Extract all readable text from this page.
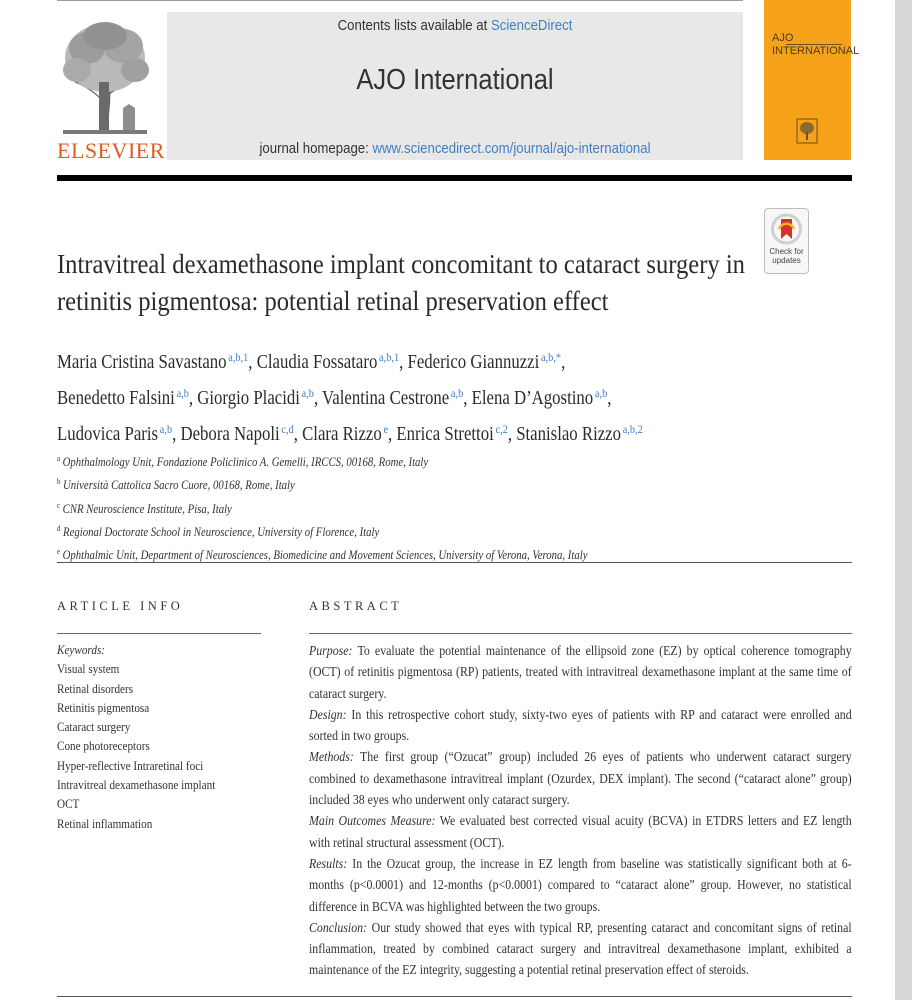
ELSEVIER
Contents lists available at ScienceDirect
AJO International
journal homepage: www.sciencedirect.com/journal/ajo-international
AJO INTERNATIONAL
Check for updates
Intravitreal dexamethasone implant concomitant to cataract surgery in
retinitis pigmentosa: potential retinal preservation effect
Maria Cristina Savastano $^{a,b,1}$, Claudia Fossataro $^{a,b,1}$, Federico Giannuzzi $^{a,b,*}$,
Benedetto Falsini $^{a,b}$, Giorgio Placidi $^{a,b}$, Valentina Cestrone $^{a,b}$, Elena D’Agostino $^{a,b}$,
Ludovica Paris $^{a,b}$, Debora Napoli $^{c,d}$, Clara Rizzo $^e$, Enrica Strettoi $^{c,2}$, Stanislao Rizzo $^{a,b,2}$
$^a$ Ophthalmology Unit, Fondazione Policlinico A. Gemelli, IRCCS, 00168, Rome, Italy
$^b$ Università Cattolica Sacro Cuore, 00168, Rome, Italy
$^c$ CNR Neuroscience Institute, Pisa, Italy
$^d$ Regional Doctorate School in Neuroscience, University of Florence, Italy
$^e$ Ophthalmic Unit, Department of Neurosciences, Biomedicine and Movement Sciences, University of Verona, Verona, Italy
ARTICLE INFO	ABSTRACT
Keywords:
Visual system
Retinal disorders
Retinitis pigmentosa
Cataract surgery
Cone photoreceptors
Hyper-reflective Intraretinal foci
Intravitreal dexamethasone implant
OCT
Retinal inflammation

Purpose: To evaluate the potential maintenance of the ellipsoid zone (EZ) by optical coherence tomography (OCT) of retinitis pigmentosa (RP) patients, treated with intravitreal dexamethasone implant at the same time of cataract surgery.

Design: In this retrospective cohort study, sixty-two eyes of patients with RP and cataract were enrolled and sorted in two groups.

Methods: The first group (“Ozucat” group) included 26 eyes of patients who underwent cataract surgery combined to dexamethasone intravitreal implant (Ozurdex, DEX implant). The second (“cataract alone” group) included 38 eyes who underwent only cataract surgery.

Main Outcomes Measure: We evaluated best corrected visual acuity (BCVA) in ETDRS letters and EZ length with retinal structural assessment (OCT).

Results: In the Ozucat group, the increase in EZ length from baseline was statistically significant both at 6-months (p<0.0001) and 12-months (p<0.0001) compared to “cataract alone” group. However, no statistical difference in BCVA was highlighted between the two groups.

Conclusion: Our study showed that eyes with typical RP, presenting cataract and concomitant signs of retinal inflammation, treated by combined cataract surgery and intravitreal dexamethasone implant, exhibited a maintenance of the EZ integrity, suggesting a potential retinal preservation effect of steroids.
